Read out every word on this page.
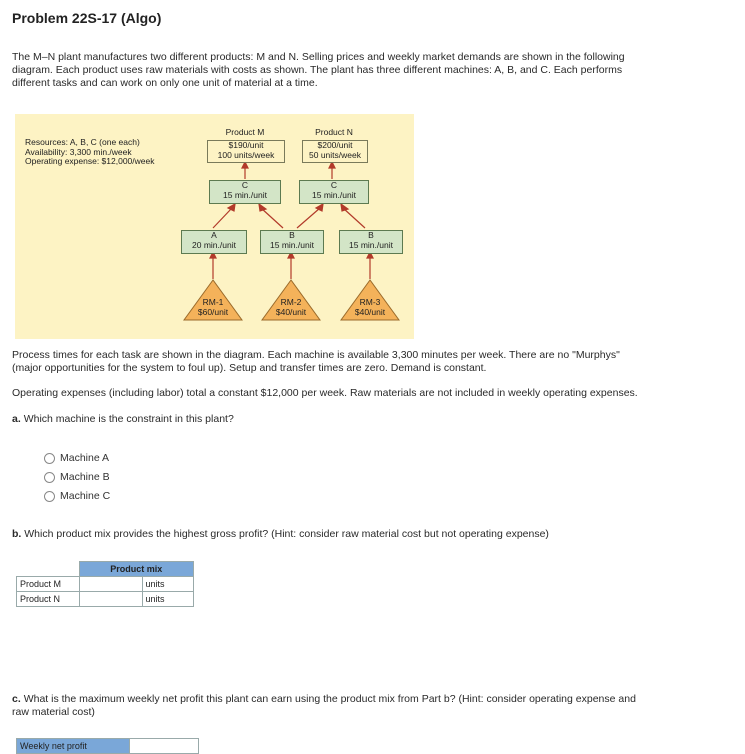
Problem 22S-17 (Algo)
The M–N plant manufactures two different products: M and N. Selling prices and weekly market demands are shown in the following
diagram. Each product uses raw materials with costs as shown. The plant has three different machines: A, B, and C. Each performs
different tasks and can work on only one unit of material at a time.
Resources: A, B, C (one each)
Availability: 3,300 min./week
Operating expense: $12,000/week
Product M
$190/unit
100 units/week
Product N
$200/unit
50 units/week
C
15 min./unit
C
15 min./unit
A
20 min./unit
B
15 min./unit
B
15 min./unit
RM-1
$60/unit
RM-2
$40/unit
RM-3
$40/unit
Process times for each task are shown in the diagram. Each machine is available 3,300 minutes per week. There are no "Murphys"
(major opportunities for the system to foul up). Setup and transfer times are zero. Demand is constant.
Operating expenses (including labor) total a constant $12,000 per week. Raw materials are not included in weekly operating expenses.
a. Which machine is the constraint in this plant?
Machine A
Machine B
Machine C
b. Which product mix provides the highest gross profit? (Hint: consider raw material cost but not operating expense)
	Product mix	
Product M		units
Product N		units
c. What is the maximum weekly net profit this plant can earn using the product mix from Part b? (Hint: consider operating expense and
raw material cost)
Weekly net profit	
